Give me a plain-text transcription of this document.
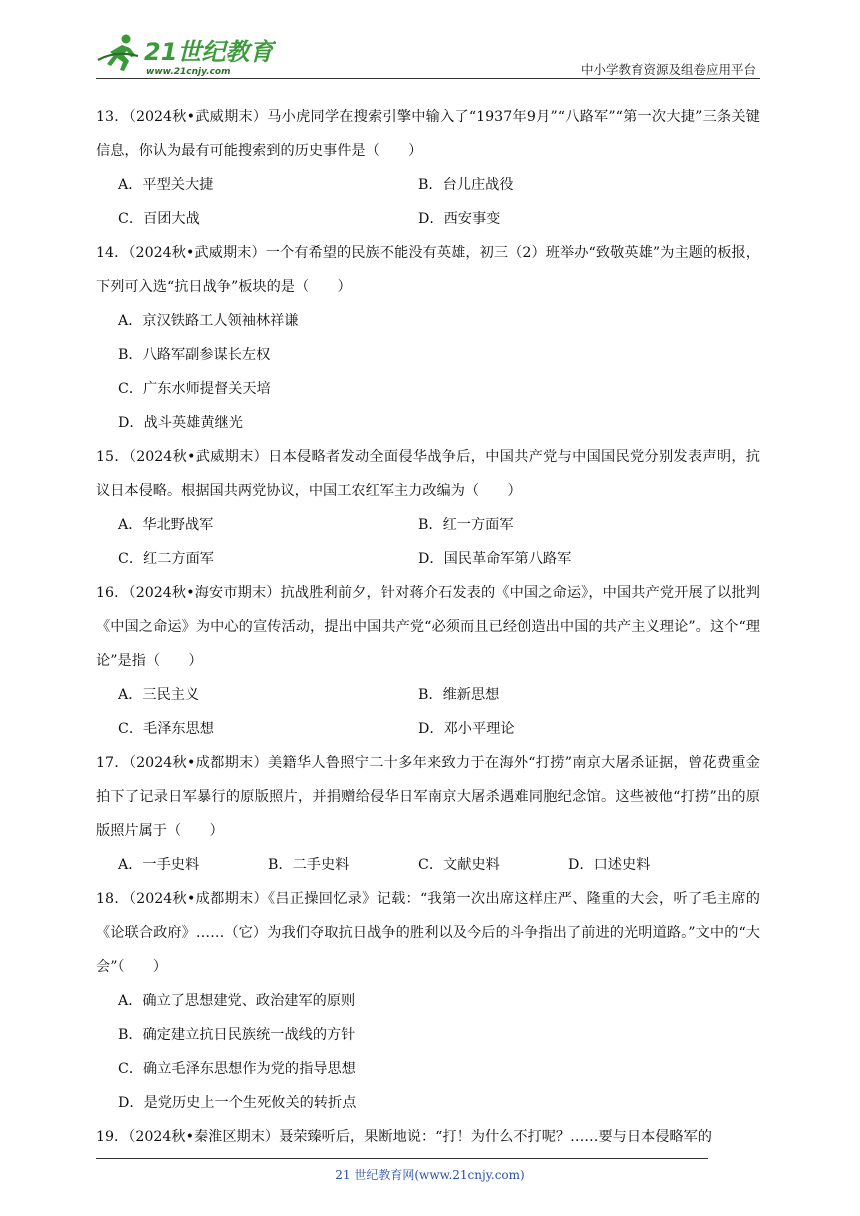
21世纪教育
www.21cnjy.com	中小学教育资源及组卷应用平台

13．（2024秋•武威期末）马小虎同学在搜索引擎中输入了“1937年9月”“八路军”“第一次大捷”三条关键信息，你认为最有可能搜索到的历史事件是（　　）

A．平型关大捷	B．台儿庄战役
C．百团大战	D．西安事变

14．（2024秋•武威期末）一个有希望的民族不能没有英雄，初三（2）班举办“致敬英雄”为主题的板报，下列可入选“抗日战争”板块的是（　　）

A．京汉铁路工人领袖林祥谦
B．八路军副参谋长左权
C．广东水师提督关天培
D．战斗英雄黄继光

15．（2024秋•武威期末）日本侵略者发动全面侵华战争后，中国共产党与中国国民党分别发表声明，抗议日本侵略。根据国共两党协议，中国工农红军主力改编为（　　）

A．华北野战军	B．红一方面军
C．红二方面军	D．国民革命军第八路军

16．（2024秋•海安市期末）抗战胜利前夕，针对蒋介石发表的《中国之命运》，中国共产党开展了以批判《中国之命运》为中心的宣传活动，提出中国共产党“必须而且已经创造出中国的共产主义理论”。这个“理论”是指（　　）

A．三民主义	B．维新思想
C．毛泽东思想	D．邓小平理论

17．（2024秋•成都期末）美籍华人鲁照宁二十多年来致力于在海外“打捞”南京大屠杀证据，曾花费重金拍下了记录日军暴行的原版照片，并捐赠给侵华日军南京大屠杀遇难同胞纪念馆。这些被他“打捞”出的原版照片属于（　　）

A．一手史料	B．二手史料	C．文献史料	D．口述史料

18．（2024秋•成都期末）《吕正操回忆录》记载：“我第一次出席这样庄严、隆重的大会，听了毛主席的《论联合政府》……（它）为我们夺取抗日战争的胜利以及今后的斗争指出了前进的光明道路。”文中的“大会”（　　）

A．确立了思想建党、政治建军的原则
B．确定建立抗日民族统一战线的方针
C．确立毛泽东思想作为党的指导思想
D．是党历史上一个生死攸关的转折点

19．（2024秋•秦淮区期末）聂荣臻听后，果断地说：“打！为什么不打呢？……要与日本侵略军的

21 世纪教育网(www.21cnjy.com)
